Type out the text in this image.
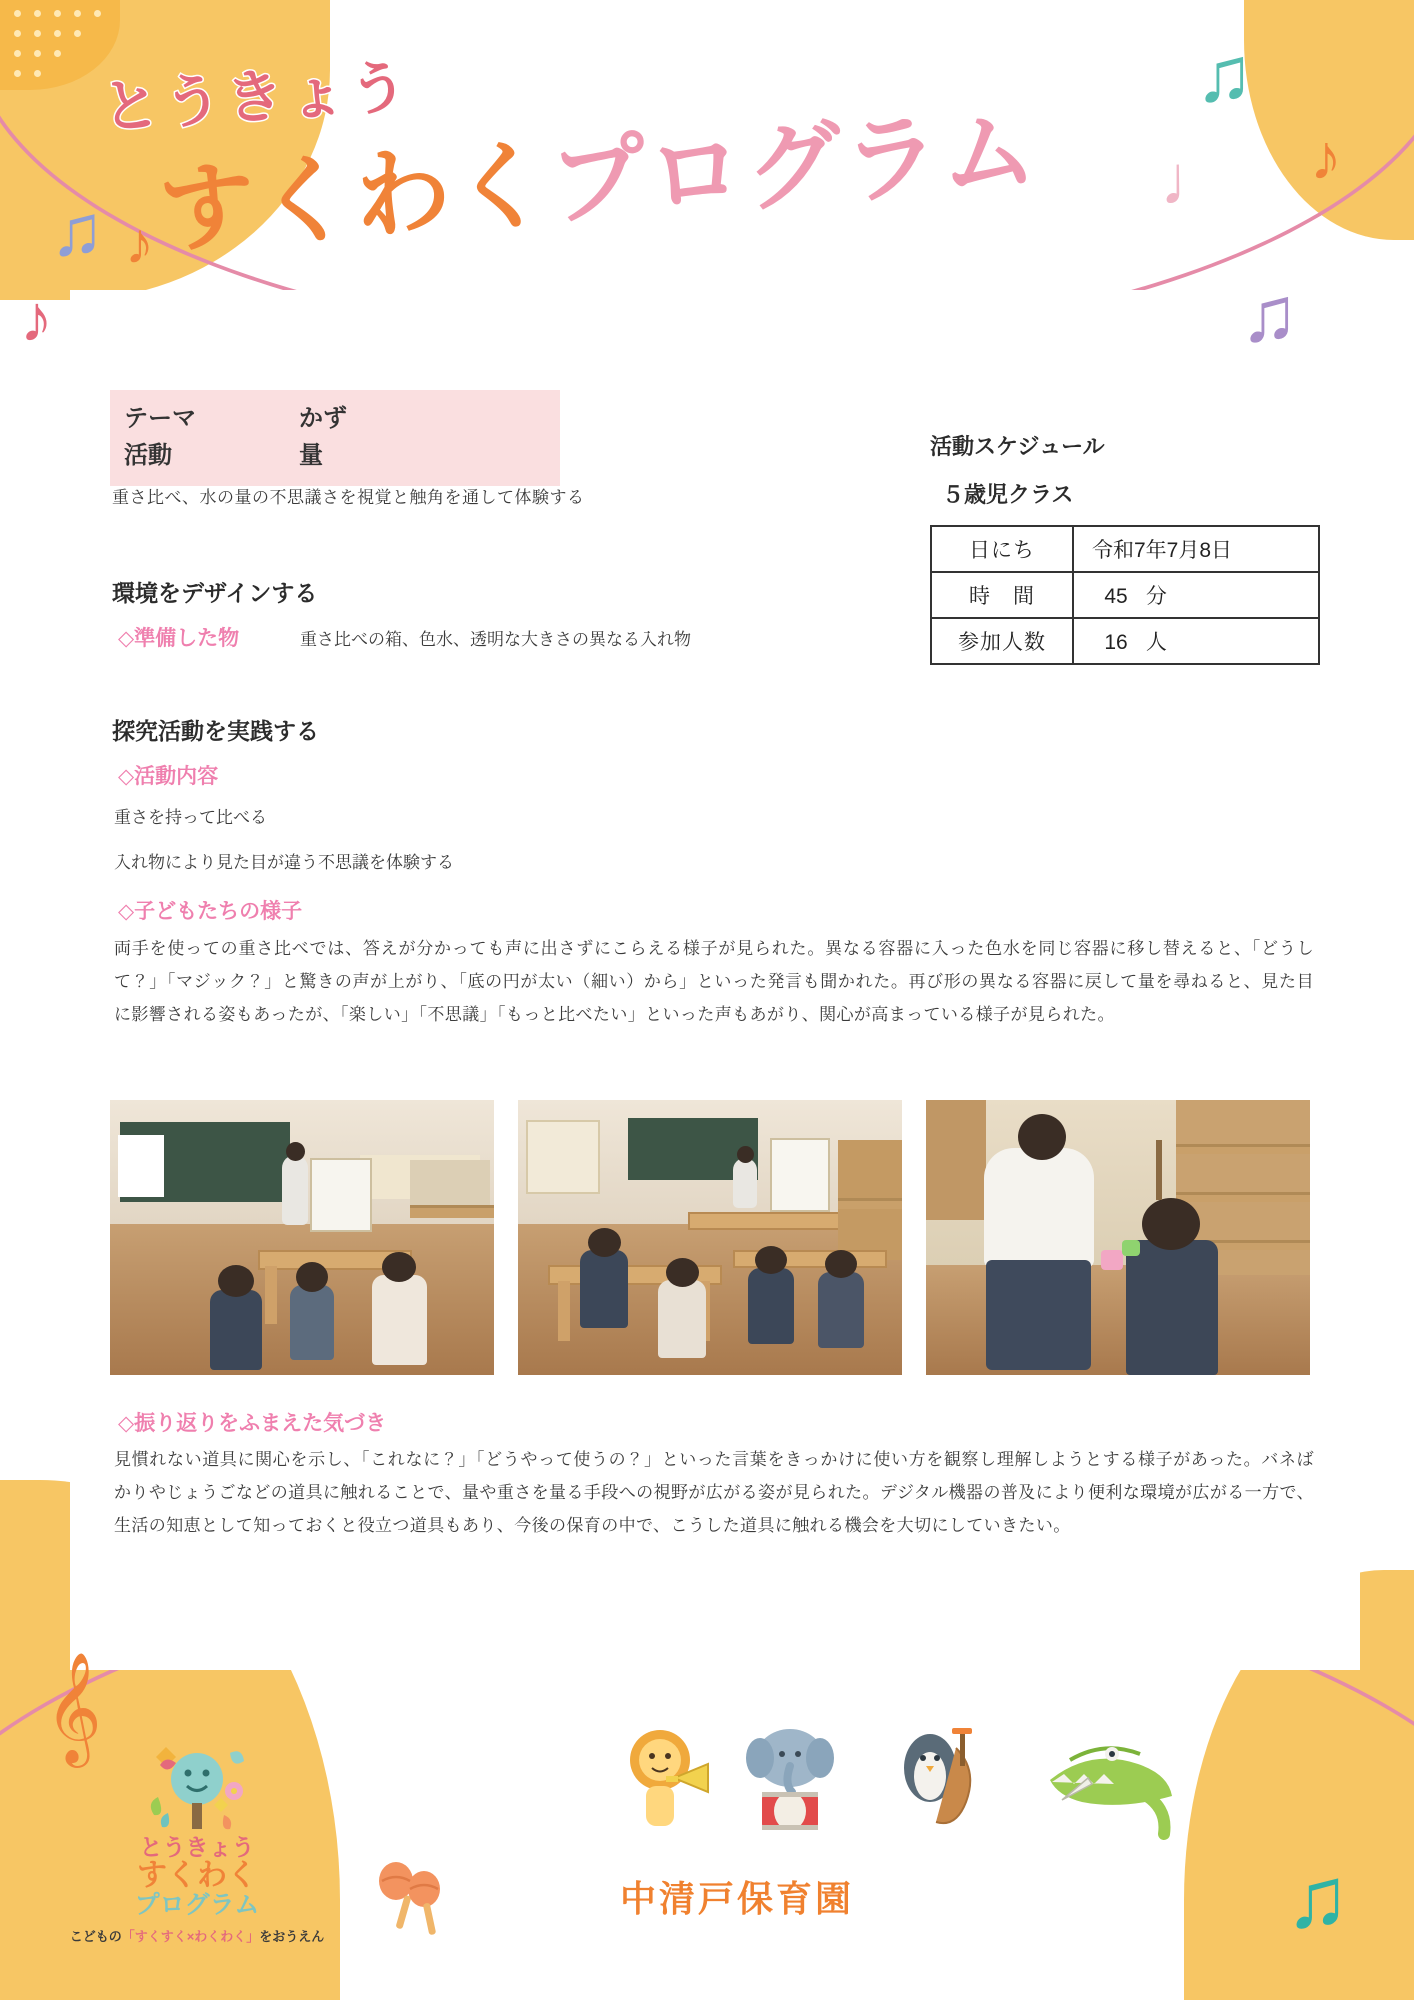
♫
♪
♩
♫
♫ ♪
♪
𝄞
♫
とうきょう
すくわくプログラム
テーマ	かず
活動	量
重さ比べ、水の量の不思議さを視覚と触角を通して体験する
活動スケジュール
５歳児クラス
日にち	令和7年7月8日
時　間	45 分
参加人数	16 人
環境をデザインする
◇準備した物	重さ比べの箱、色水、透明な大きさの異なる入れ物
探究活動を実践する
◇活動内容
重さを持って比べる
入れ物により見た目が違う不思議を体験する
◇子どもたちの様子
両手を使っての重さ比べでは、答えが分かっても声に出さずにこらえる様子が見られた。異なる容器に入った色水を同じ容器に移し替えると、「どうして？」「マジック？」と驚きの声が上がり、「底の円が太い（細い）から」といった発言も聞かれた。再び形の異なる容器に戻して量を尋ねると、見た目に影響される姿もあったが、「楽しい」「不思議」「もっと比べたい」といった声もあがり、関心が高まっている様子が見られた。
◇振り返りをふまえた気づき
見慣れない道具に関心を示し、「これなに？」「どうやって使うの？」といった言葉をきっかけに使い方を観察し理解しようとする様子があった。バネばかりやじょうごなどの道具に触れることで、量や重さを量る手段への視野が広がる姿が見られた。デジタル機器の普及により便利な環境が広がる一方で、生活の知恵として知っておくと役立つ道具もあり、今後の保育の中で、こうした道具に触れる機会を大切にしていきたい。
とうきょう
すくわく
プログラム
こどもの「すくすく×わくわく」をおうえん
中清戸保育園
